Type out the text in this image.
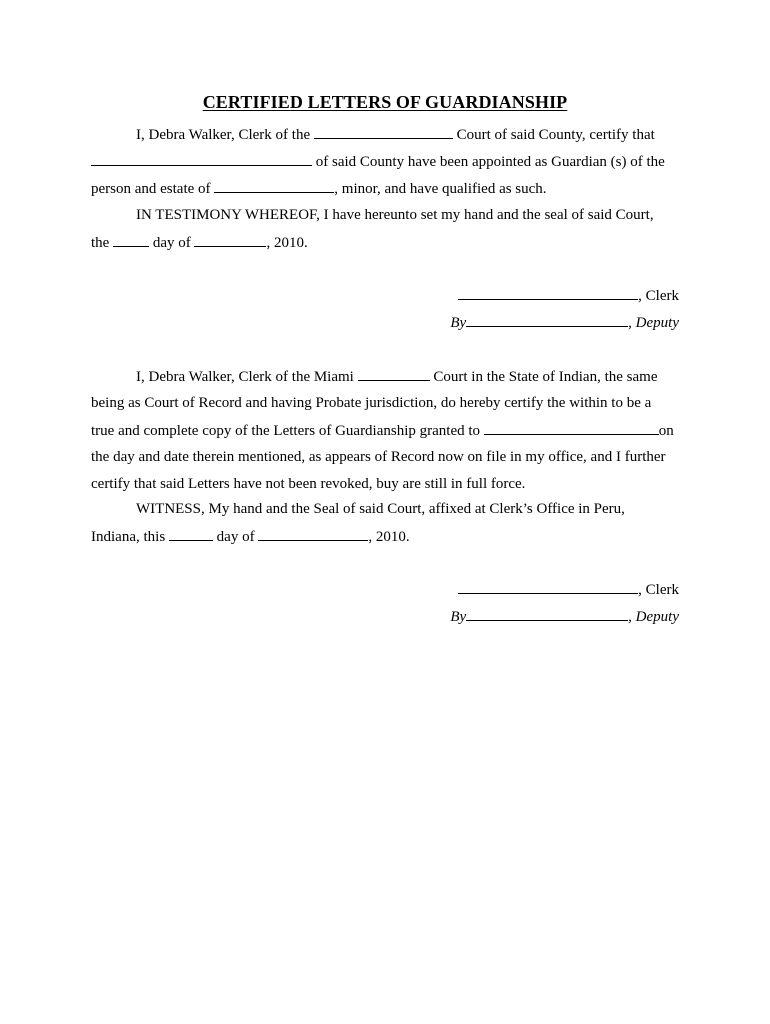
CERTIFIED LETTERS OF GUARDIANSHIP
I, Debra Walker, Clerk of the	Court of said County, certify that
of said County have been appointed as Guardian (s) of the
person and estate of	, minor, and have qualified as such.
IN TESTIMONY WHEREOF, I have hereunto set my hand and the seal of said Court,
the  day of	, 2010.
, Clerk
By	, Deputy
I, Debra Walker, Clerk of the Miami	Court in the State of Indian, the same
being as Court of Record and having Probate jurisdiction, do hereby certify the within to be a
true and complete copy of the Letters of Guardianship granted to	on
the day and date therein mentioned, as appears of Record now on file in my office, and I further
certify that said Letters have not been revoked, buy are still in full force.
WITNESS, My hand and the Seal of said Court, affixed at Clerk’s Office in Peru,
Indiana, this	day of	, 2010.
, Clerk
By	, Deputy
